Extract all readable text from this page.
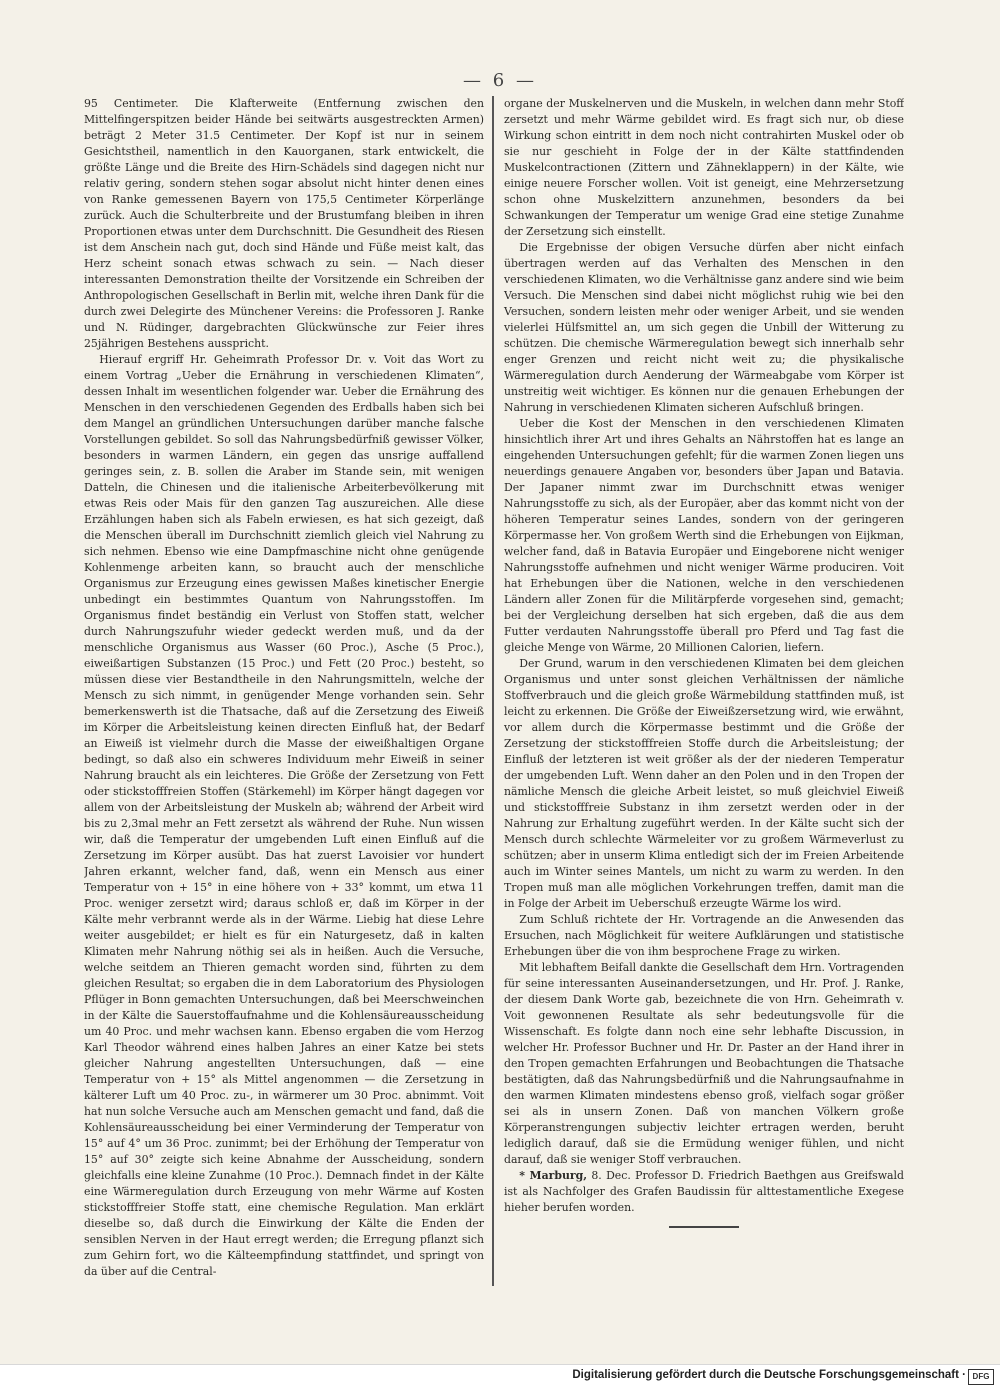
— 6 —

95 Centimeter. Die Klafterweite (Entfernung zwischen den Mittelfingerspitzen beider Hände bei seitwärts ausgestreckten Armen) beträgt 2 Meter 31.5 Centimeter. Der Kopf ist nur in seinem Gesichtstheil, namentlich in den Kauorganen, stark entwickelt, die größte Länge und die Breite des Hirn-Schädels sind dagegen nicht nur relativ gering, sondern stehen sogar absolut nicht hinter denen eines von Ranke gemessenen Bayern von 175,5 Centimeter Körperlänge zurück. Auch die Schulterbreite und der Brustumfang bleiben in ihren Proportionen etwas unter dem Durchschnitt. Die Gesundheit des Riesen ist dem Anschein nach gut, doch sind Hände und Füße meist kalt, das Herz scheint sonach etwas schwach zu sein. — Nach dieser interessanten Demonstration theilte der Vorsitzende ein Schreiben der Anthropologischen Gesellschaft in Berlin mit, welche ihren Dank für die durch zwei Delegirte des Münchener Vereins: die Professoren J. Ranke und N. Rüdinger, dargebrachten Glückwünsche zur Feier ihres 25jährigen Bestehens ausspricht.

Hierauf ergriff Hr. Geheimrath Professor Dr. v. Voit das Wort zu einem Vortrag „Ueber die Ernährung in verschiedenen Klimaten“, dessen Inhalt im wesentlichen folgender war. Ueber die Ernährung des Menschen in den verschiedenen Gegenden des Erdballs haben sich bei dem Mangel an gründlichen Untersuchungen darüber manche falsche Vorstellungen gebildet. So soll das Nahrungsbedürfniß gewisser Völker, besonders in warmen Ländern, ein gegen das unsrige auffallend geringes sein, z. B. sollen die Araber im Stande sein, mit wenigen Datteln, die Chinesen und die italienische Arbeiterbevölkerung mit etwas Reis oder Mais für den ganzen Tag auszureichen. Alle diese Erzählungen haben sich als Fabeln erwiesen, es hat sich gezeigt, daß die Menschen überall im Durchschnitt ziemlich gleich viel Nahrung zu sich nehmen. Ebenso wie eine Dampfmaschine nicht ohne genügende Kohlenmenge arbeiten kann, so braucht auch der menschliche Organismus zur Erzeugung eines gewissen Maßes kinetischer Energie unbedingt ein bestimmtes Quantum von Nahrungsstoffen. Im Organismus findet beständig ein Verlust von Stoffen statt, welcher durch Nahrungszufuhr wieder gedeckt werden muß, und da der menschliche Organismus aus Wasser (60 Proc.), Asche (5 Proc.), eiweißartigen Substanzen (15 Proc.) und Fett (20 Proc.) besteht, so müssen diese vier Bestandtheile in den Nahrungsmitteln, welche der Mensch zu sich nimmt, in genügender Menge vorhanden sein. Sehr bemerkenswerth ist die Thatsache, daß auf die Zersetzung des Eiweiß im Körper die Arbeitsleistung keinen directen Einfluß hat, der Bedarf an Eiweiß ist vielmehr durch die Masse der eiweißhaltigen Organe bedingt, so daß also ein schweres Individuum mehr Eiweiß in seiner Nahrung braucht als ein leichteres. Die Größe der Zersetzung von Fett oder stickstofffreien Stoffen (Stärkemehl) im Körper hängt dagegen vor allem von der Arbeitsleistung der Muskeln ab; während der Arbeit wird bis zu 2,3mal mehr an Fett zersetzt als während der Ruhe. Nun wissen wir, daß die Temperatur der umgebenden Luft einen Einfluß auf die Zersetzung im Körper ausübt. Das hat zuerst Lavoisier vor hundert Jahren erkannt, welcher fand, daß, wenn ein Mensch aus einer Temperatur von + 15° in eine höhere von + 33° kommt, um etwa 11 Proc. weniger zersetzt wird; daraus schloß er, daß im Körper in der Kälte mehr verbrannt werde als in der Wärme. Liebig hat diese Lehre weiter ausgebildet; er hielt es für ein Naturgesetz, daß in kalten Klimaten mehr Nahrung nöthig sei als in heißen. Auch die Versuche, welche seitdem an Thieren gemacht worden sind, führten zu dem gleichen Resultat; so ergaben die in dem Laboratorium des Physiologen Pflüger in Bonn gemachten Untersuchungen, daß bei Meerschweinchen in der Kälte die Sauerstoffaufnahme und die Kohlensäureausscheidung um 40 Proc. und mehr wachsen kann. Ebenso ergaben die vom Herzog Karl Theodor während eines halben Jahres an einer Katze bei stets gleicher Nahrung angestellten Untersuchungen, daß — eine Temperatur von + 15° als Mittel angenommen — die Zersetzung in kälterer Luft um 40 Proc. zu-, in wärmerer um 30 Proc. abnimmt. Voit hat nun solche Versuche auch am Menschen gemacht und fand, daß die Kohlensäureausscheidung bei einer Verminderung der Temperatur von 15° auf 4° um 36 Proc. zunimmt; bei der Erhöhung der Temperatur von 15° auf 30° zeigte sich keine Abnahme der Ausscheidung, sondern gleichfalls eine kleine Zunahme (10 Proc.). Demnach findet in der Kälte eine Wärmeregulation durch Erzeugung von mehr Wärme auf Kosten stickstofffreier Stoffe statt, eine chemische Regulation. Man erklärt dieselbe so, daß durch die Einwirkung der Kälte die Enden der sensiblen Nerven in der Haut erregt werden; die Erregung pflanzt sich zum Gehirn fort, wo die Kälteempfindung stattfindet, und springt von da über auf die Central-

organe der Muskelnerven und die Muskeln, in welchen dann mehr Stoff zersetzt und mehr Wärme gebildet wird. Es fragt sich nur, ob diese Wirkung schon eintritt in dem noch nicht contrahirten Muskel oder ob sie nur geschieht in Folge der in der Kälte stattfindenden Muskelcontractionen (Zittern und Zähneklappern) in der Kälte, wie einige neuere Forscher wollen. Voit ist geneigt, eine Mehrzersetzung schon ohne Muskelzittern anzunehmen, besonders da bei Schwankungen der Temperatur um wenige Grad eine stetige Zunahme der Zersetzung sich einstellt.

Die Ergebnisse der obigen Versuche dürfen aber nicht einfach übertragen werden auf das Verhalten des Menschen in den verschiedenen Klimaten, wo die Verhältnisse ganz andere sind wie beim Versuch. Die Menschen sind dabei nicht möglichst ruhig wie bei den Versuchen, sondern leisten mehr oder weniger Arbeit, und sie wenden vielerlei Hülfsmittel an, um sich gegen die Unbill der Witterung zu schützen. Die chemische Wärmeregulation bewegt sich innerhalb sehr enger Grenzen und reicht nicht weit zu; die physikalische Wärmeregulation durch Aenderung der Wärmeabgabe vom Körper ist unstreitig weit wichtiger. Es können nur die genauen Erhebungen der Nahrung in verschiedenen Klimaten sicheren Aufschluß bringen.

Ueber die Kost der Menschen in den verschiedenen Klimaten hinsichtlich ihrer Art und ihres Gehalts an Nährstoffen hat es lange an eingehenden Untersuchungen gefehlt; für die warmen Zonen liegen uns neuerdings genauere Angaben vor, besonders über Japan und Batavia. Der Japaner nimmt zwar im Durchschnitt etwas weniger Nahrungsstoffe zu sich, als der Europäer, aber das kommt nicht von der höheren Temperatur seines Landes, sondern von der geringeren Körpermasse her. Von großem Werth sind die Erhebungen von Eijkman, welcher fand, daß in Batavia Europäer und Eingeborene nicht weniger Nahrungsstoffe aufnehmen und nicht weniger Wärme produciren. Voit hat Erhebungen über die Nationen, welche in den verschiedenen Ländern aller Zonen für die Militärpferde vorgesehen sind, gemacht; bei der Vergleichung derselben hat sich ergeben, daß die aus dem Futter verdauten Nahrungsstoffe überall pro Pferd und Tag fast die gleiche Menge von Wärme, 20 Millionen Calorien, liefern.

Der Grund, warum in den verschiedenen Klimaten bei dem gleichen Organismus und unter sonst gleichen Verhältnissen der nämliche Stoffverbrauch und die gleich große Wärmebildung stattfinden muß, ist leicht zu erkennen. Die Größe der Eiweißzersetzung wird, wie erwähnt, vor allem durch die Körpermasse bestimmt und die Größe der Zersetzung der stickstofffreien Stoffe durch die Arbeitsleistung; der Einfluß der letzteren ist weit größer als der der niederen Temperatur der umgebenden Luft. Wenn daher an den Polen und in den Tropen der nämliche Mensch die gleiche Arbeit leistet, so muß gleichviel Eiweiß und stickstofffreie Substanz in ihm zersetzt werden oder in der Nahrung zur Erhaltung zugeführt werden. In der Kälte sucht sich der Mensch durch schlechte Wärmeleiter vor zu großem Wärmeverlust zu schützen; aber in unserm Klima entledigt sich der im Freien Arbeitende auch im Winter seines Mantels, um nicht zu warm zu werden. In den Tropen muß man alle möglichen Vorkehrungen treffen, damit man die in Folge der Arbeit im Ueberschuß erzeugte Wärme los wird.

Zum Schluß richtete der Hr. Vortragende an die Anwesenden das Ersuchen, nach Möglichkeit für weitere Aufklärungen und statistische Erhebungen über die von ihm besprochene Frage zu wirken.

Mit lebhaftem Beifall dankte die Gesellschaft dem Hrn. Vortragenden für seine interessanten Auseinandersetzungen, und Hr. Prof. J. Ranke, der diesem Dank Worte gab, bezeichnete die von Hrn. Geheimrath v. Voit gewonnenen Resultate als sehr bedeutungsvolle für die Wissenschaft. Es folgte dann noch eine sehr lebhafte Discussion, in welcher Hr. Professor Buchner und Hr. Dr. Paster an der Hand ihrer in den Tropen gemachten Erfahrungen und Beobachtungen die Thatsache bestätigten, daß das Nahrungsbedürfniß und die Nahrungsaufnahme in den warmen Klimaten mindestens ebenso groß, vielfach sogar größer sei als in unsern Zonen. Daß von manchen Völkern große Körperanstrengungen subjectiv leichter ertragen werden, beruht lediglich darauf, daß sie die Ermüdung weniger fühlen, und nicht darauf, daß sie weniger Stoff verbrauchen.

* Marburg, 8. Dec. Professor D. Friedrich Baethgen aus Greifswald ist als Nachfolger des Grafen Baudissin für alttestamentliche Exegese hieher berufen worden.

Digitalisierung gefördert durch die Deutsche Forschungsgemeinschaft · DFG
